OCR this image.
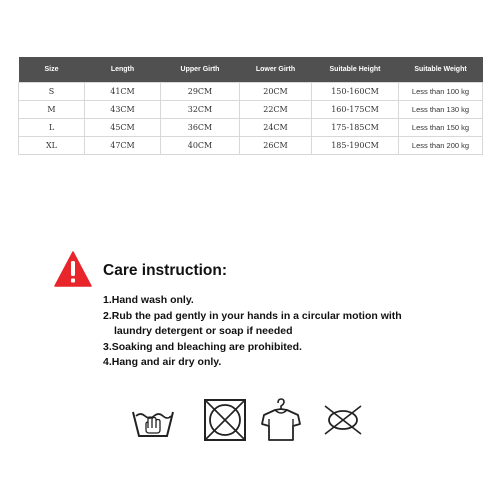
Size	Length	Upper Girth	Lower Girth	Suitable Height	Suitable Weight
S	41CM	29CM	20CM	150-160CM	Less than 100 kg
M	43CM	32CM	22CM	160-175CM	Less than 130 kg
L	45CM	36CM	24CM	175-185CM	Less than 150 kg
XL	47CM	40CM	26CM	185-190CM	Less than 200 kg
Care instruction:
1.Hand wash only.
2.Rub the pad gently in your hands in a circular motion with
laundry detergent or soap if needed
3.Soaking and bleaching are prohibited.
4.Hang and air dry only.
